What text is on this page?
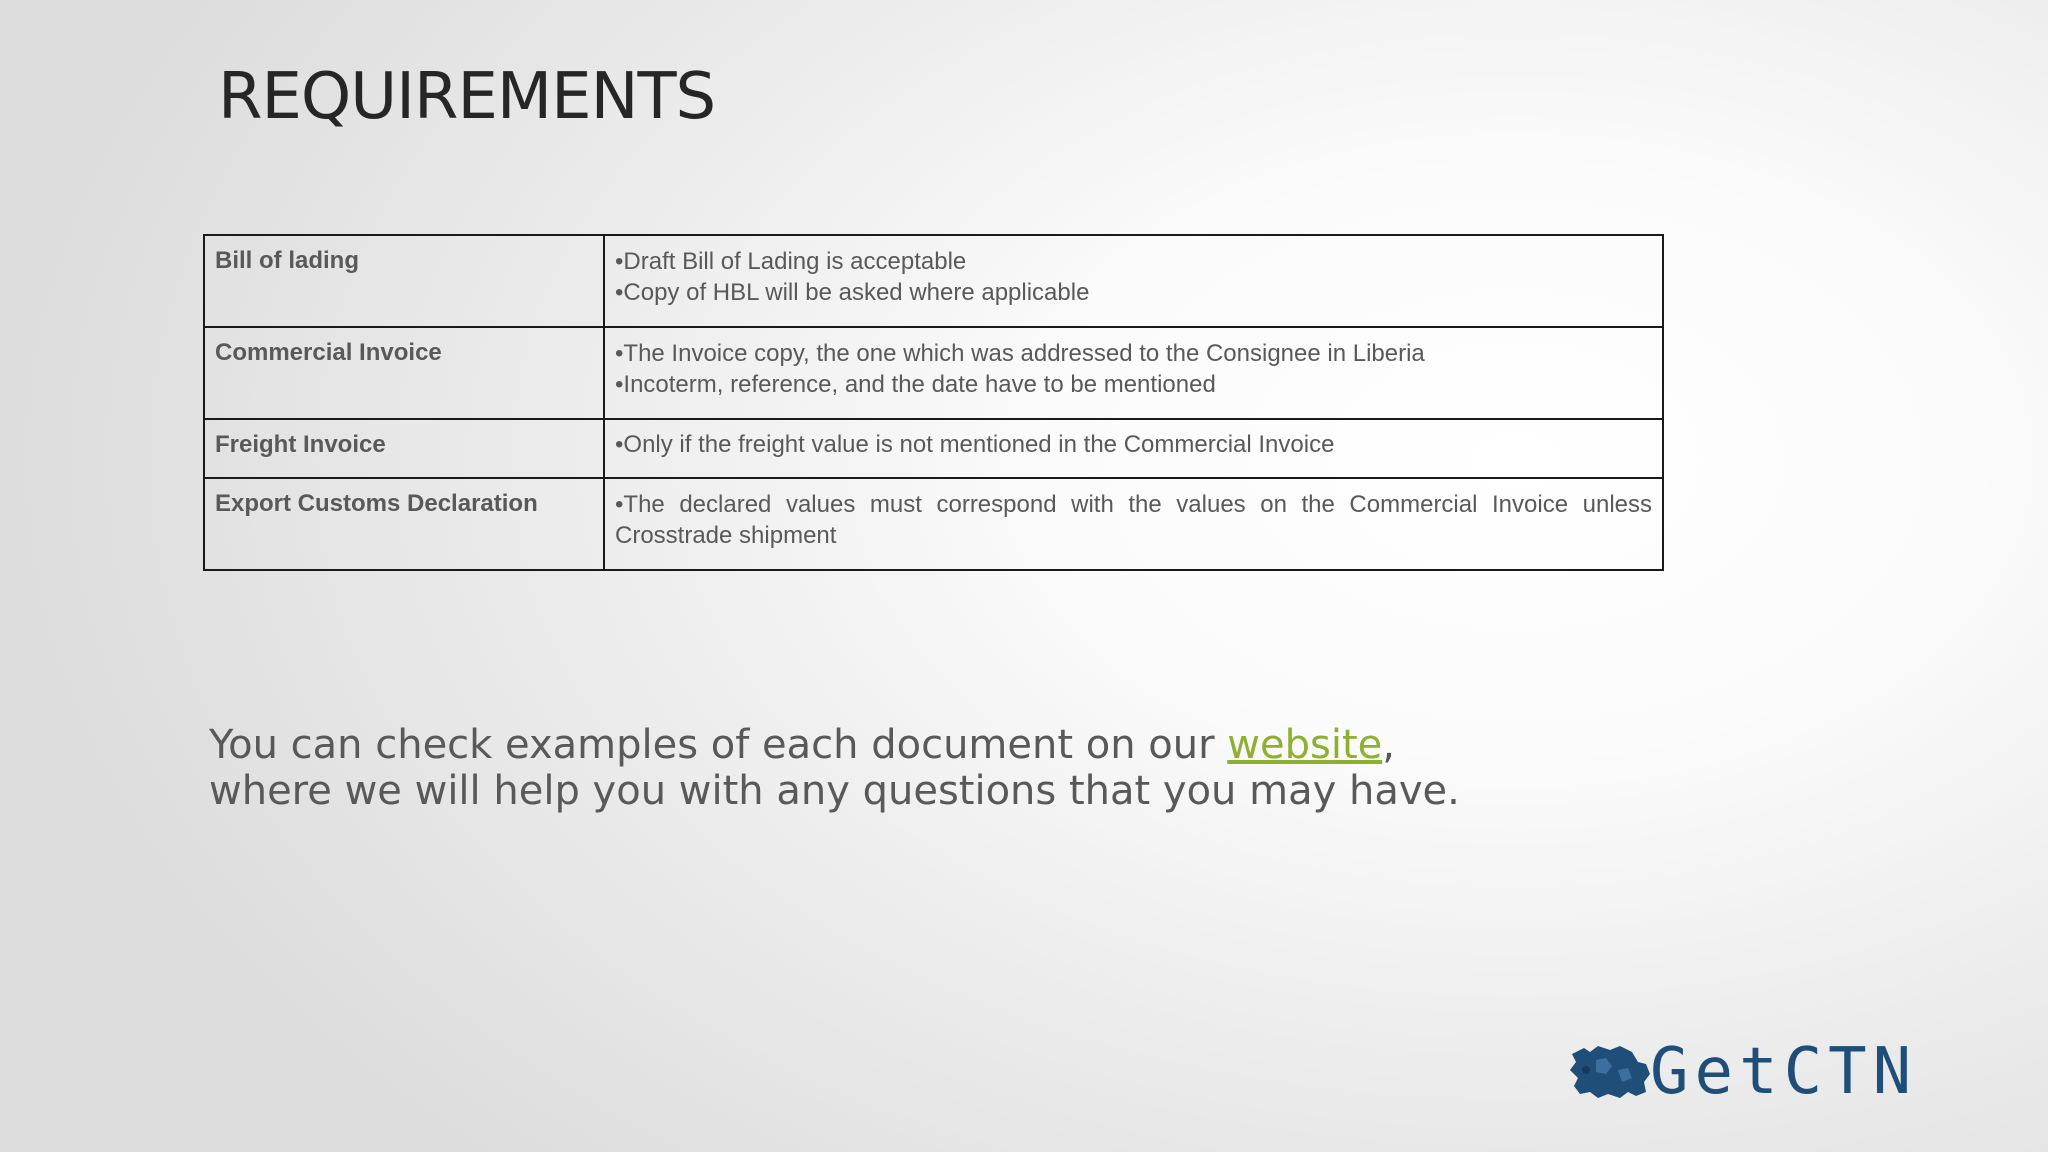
REQUIREMENTS
Bill of lading	•Draft Bill of Lading is acceptable
•Copy of HBL will be asked where applicable

Commercial Invoice	•The Invoice copy, the one which was addressed to the Consignee in Liberia
•Incoterm, reference, and the date have to be mentioned

Freight Invoice	•Only if the freight value is not mentioned in the Commercial Invoice

Export Customs Declaration	•The declared values must correspond with the values on the Commercial Invoice unless Crosstrade shipment

You can check examples of each document on our website, where we will help you with any questions that you may have.

GetCTN
